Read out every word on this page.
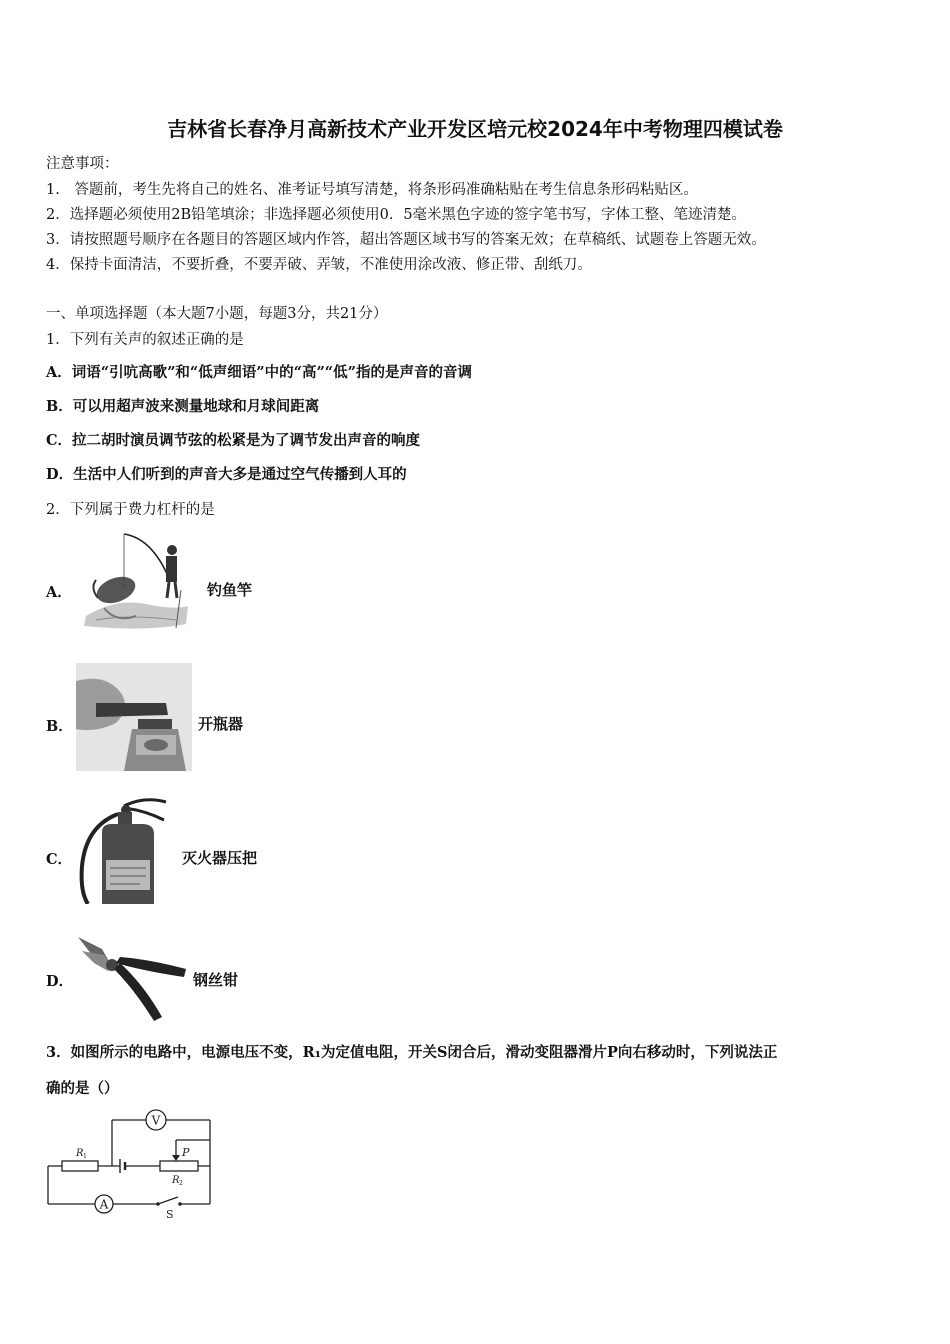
吉林省长春净月高新技术产业开发区培元校2024年中考物理四模试卷
注意事项：
1.　答题前，考生先将自己的姓名、准考证号填写清楚，将条形码准确粘贴在考生信息条形码粘贴区。
2．选择题必须使用2B铅笔填涂；非选择题必须使用0．5毫米黑色字迹的签字笔书写，字体工整、笔迹清楚。
3．请按照题号顺序在各题目的答题区域内作答，超出答题区域书写的答案无效；在草稿纸、试题卷上答题无效。
4．保持卡面清洁，不要折叠，不要弄破、弄皱，不准使用涂改液、修正带、刮纸刀。
一、单项选择题（本大题7小题，每题3分，共21分）
1．下列有关声的叙述正确的是
A．词语“引吭高歌”和“低声细语”中的“高”“低”指的是声音的音调
B．可以用超声波来测量地球和月球间距离
C．拉二胡时演员调节弦的松紧是为了调节发出声音的响度
D．生活中人们听到的声音大多是通过空气传播到人耳的
2．下列属于费力杠杆的是
A．	钓鱼竿
B．	开瓶器
C．	灭火器压把
D．	钢丝钳
3．如图所示的电路中，电源电压不变，R₁为定值电阻，开关S闭合后，滑动变阻器滑片P向右移动时，下列说法正
确的是（）
V
A
R 1
R 2
P
S
